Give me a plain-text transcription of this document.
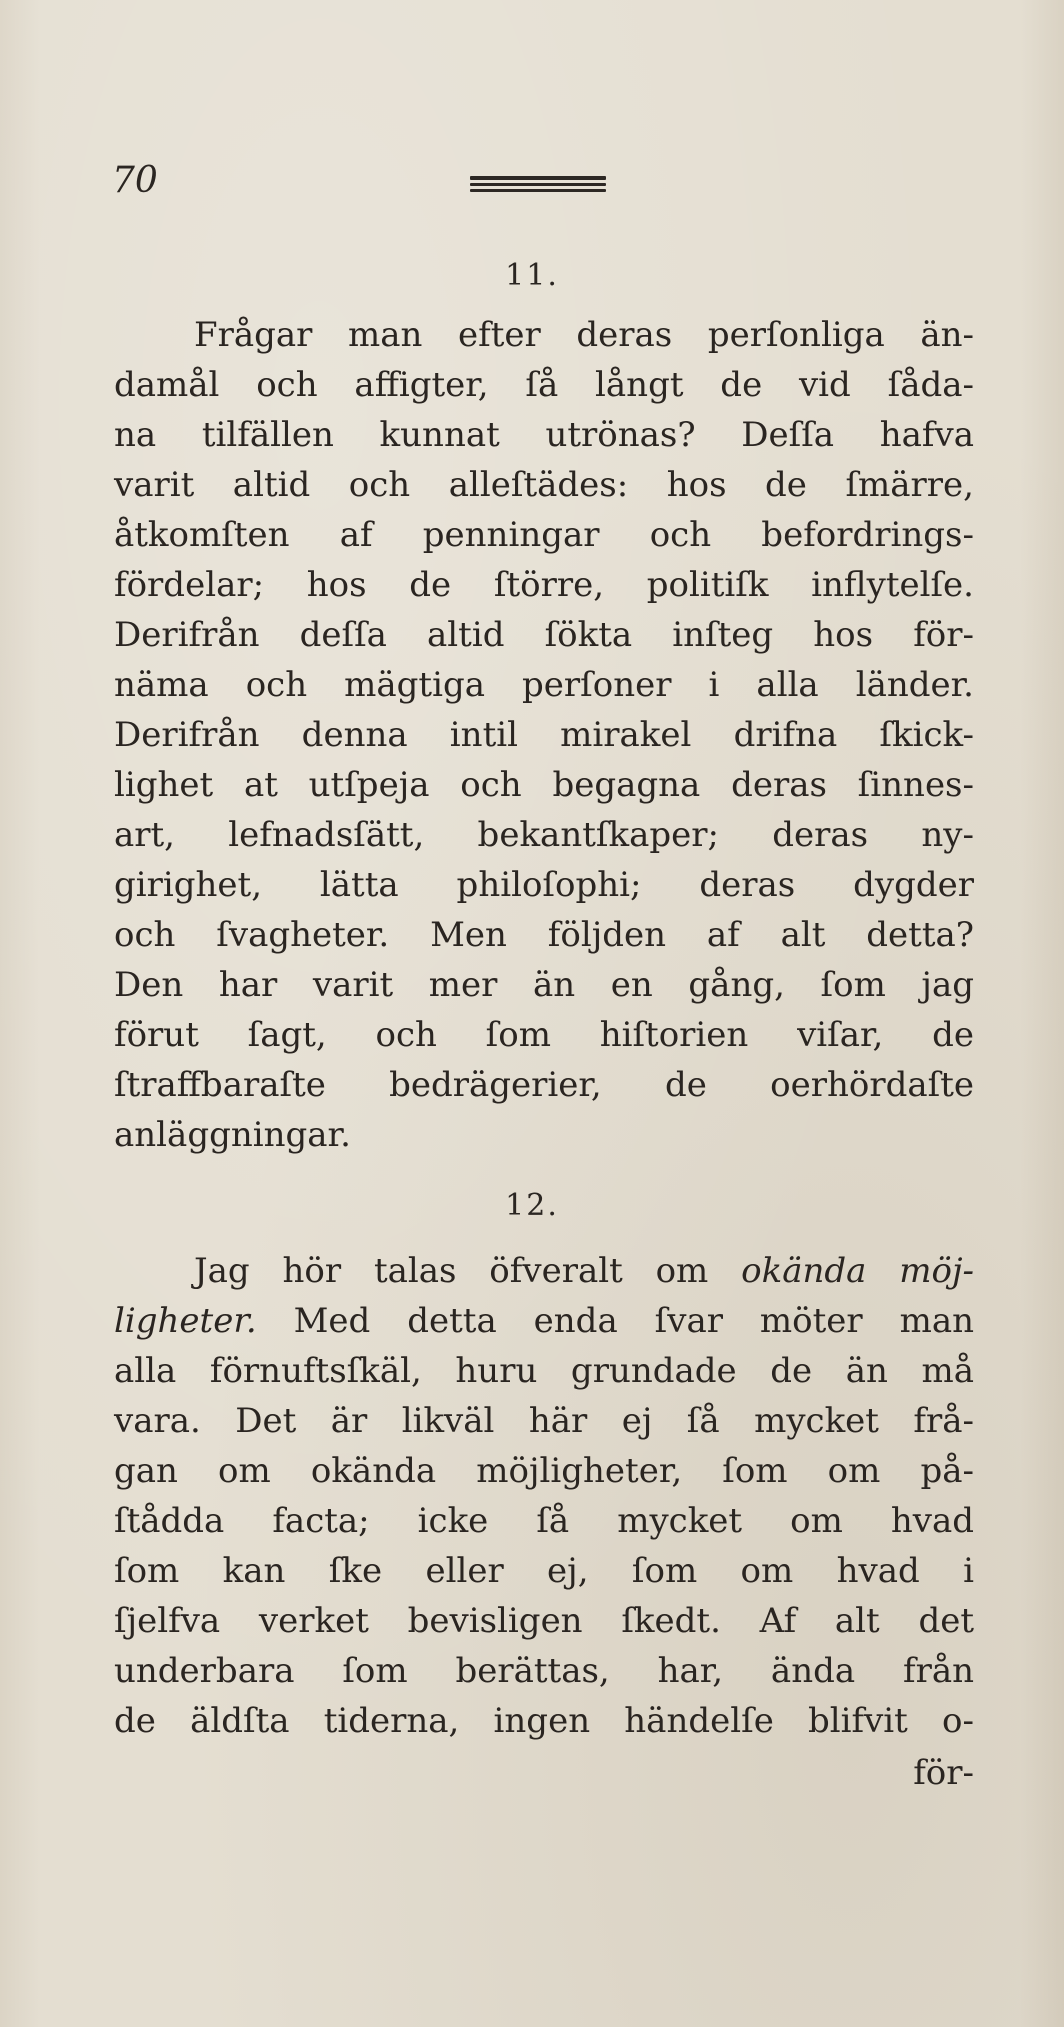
70
11.

Frågar man efter deras perſonliga än-

damål och affigter, ſå långt de vid ſåda-

na tilfällen kunnat utrönas? Deſſa hafva

varit altid och alleſtädes: hos de ſmärre,

åtkomſten af penningar och befordrings-

fördelar; hos de ſtörre, politiſk inflytelſe.

Derifrån deſſa altid ſökta inſteg hos för-

näma och mägtiga perſoner i alla länder.

Derifrån denna intil mirakel drifna ſkick-

lighet at utſpeja och begagna deras ſinnes-

art, lefnadsſätt, bekantſkaper; deras ny-

girighet, lätta philoſophi; deras dygder

och ſvagheter. Men följden af alt detta?

Den har varit mer än en gång, ſom jag

förut ſagt, och ſom hiſtorien viſar, de

ſtraffbaraſte bedrägerier, de oerhördaſte

anläggningar.

12.

Jag hör talas öfveralt om okända möj-

ligheter. Med detta enda ſvar möter man

alla förnuftsſkäl, huru grundade de än må

vara. Det är likväl här ej ſå mycket frå-

gan om okända möjligheter, ſom om på-

ſtådda facta; icke ſå mycket om hvad

ſom kan ſke eller ej, ſom om hvad i

ſjelfva verket bevisligen ſkedt. Af alt det

underbara ſom berättas, har, ända från

de äldſta tiderna, ingen händelſe blifvit o-

för-
